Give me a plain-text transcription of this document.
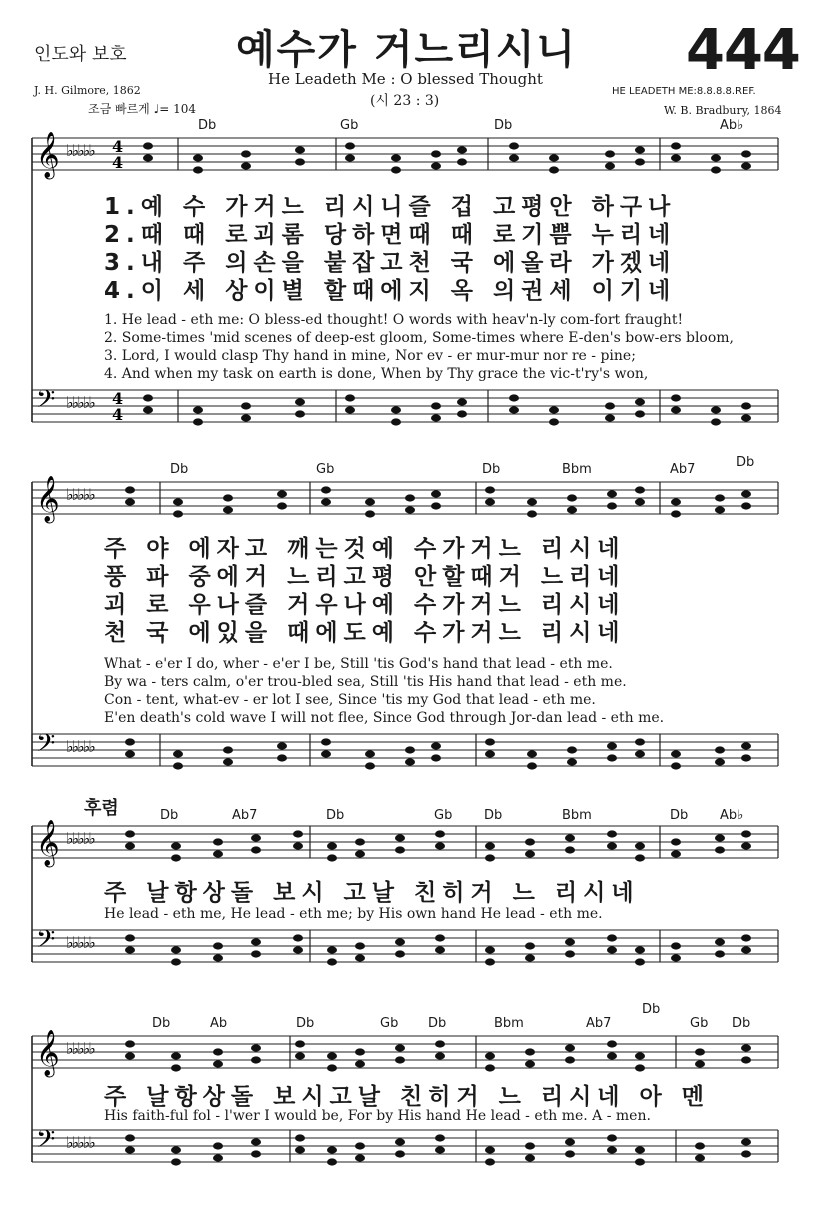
인도와 보호	예수가 거느리시니 444
He Leadeth Me : O blessed Thought
(시 23 : 3)
J. H. Gilmore, 1862	HE LEADETH ME:8.8.8.8.REF.
W. B. Bradbury, 1864
조금 빠르게 ♩= 104
𝄞 ♭♭♭♭♭
𝄢 ♭♭♭♭♭
𝄞 ♭♭♭♭♭
𝄢 ♭♭♭♭♭
𝄞 ♭♭♭♭♭
𝄢 ♭♭♭♭♭
𝄞 ♭♭♭♭♭
𝄢 ♭♭♭♭♭
4
4
4
4
Db	Gb	Db	Ab♭
1.예 수 가거느 리시니즐 겁 고평안 하구나
2.때 때 로괴롬 당하면때 때 로기쁨 누리네
3.내 주 의손을 붙잡고천 국 에올라 가겠네
4.이 세 상이별 할때에지 옥 의권세 이기네
1. He lead - eth me: O bless-ed thought! O words with heav'n-ly com-fort fraught!
2. Some-times 'mid scenes of deep-est gloom, Some-times where E-den's bow-ers bloom,
3. Lord, I would clasp Thy hand in mine, Nor ev - er mur-mur nor re - pine;
4. And when my task on earth is done, When by Thy grace the vic-t'ry's won,
Db	Gb	Db	Bbm	Ab7	Db
주 야 에자고 깨는것예 수가거느 리시네
풍 파 중에거 느리고평 안할때거 느리네
괴 로 우나즐 거우나예 수가거느 리시네
천 국 에있을 때에도예 수가거느 리시네
What - e'er I do, wher - e'er I be, Still 'tis God's hand that lead - eth me.
By wa - ters calm, o'er trou-bled sea, Still 'tis His hand that lead - eth me.
Con - tent, what-ev - er lot I see, Since 'tis my God that lead - eth me.
E'en death's cold wave I will not flee, Since God through Jor-dan lead - eth me.
후렴	Db	Ab7	Db	Gb Db	Bbm	Db Ab♭
주 날항상돌 보시 고날 친히거 느 리시네
He lead - eth me, He lead - eth me; by His own hand He lead - eth me.
Db	Ab	Db	Gb Db	Bbm	Ab7
Db
Gb Db
주 날항상돌 보시고날 친히거 느 리시네 아 멘
His faith-ful fol - l'wer I would be, For by His hand He lead - eth me. A - men.
